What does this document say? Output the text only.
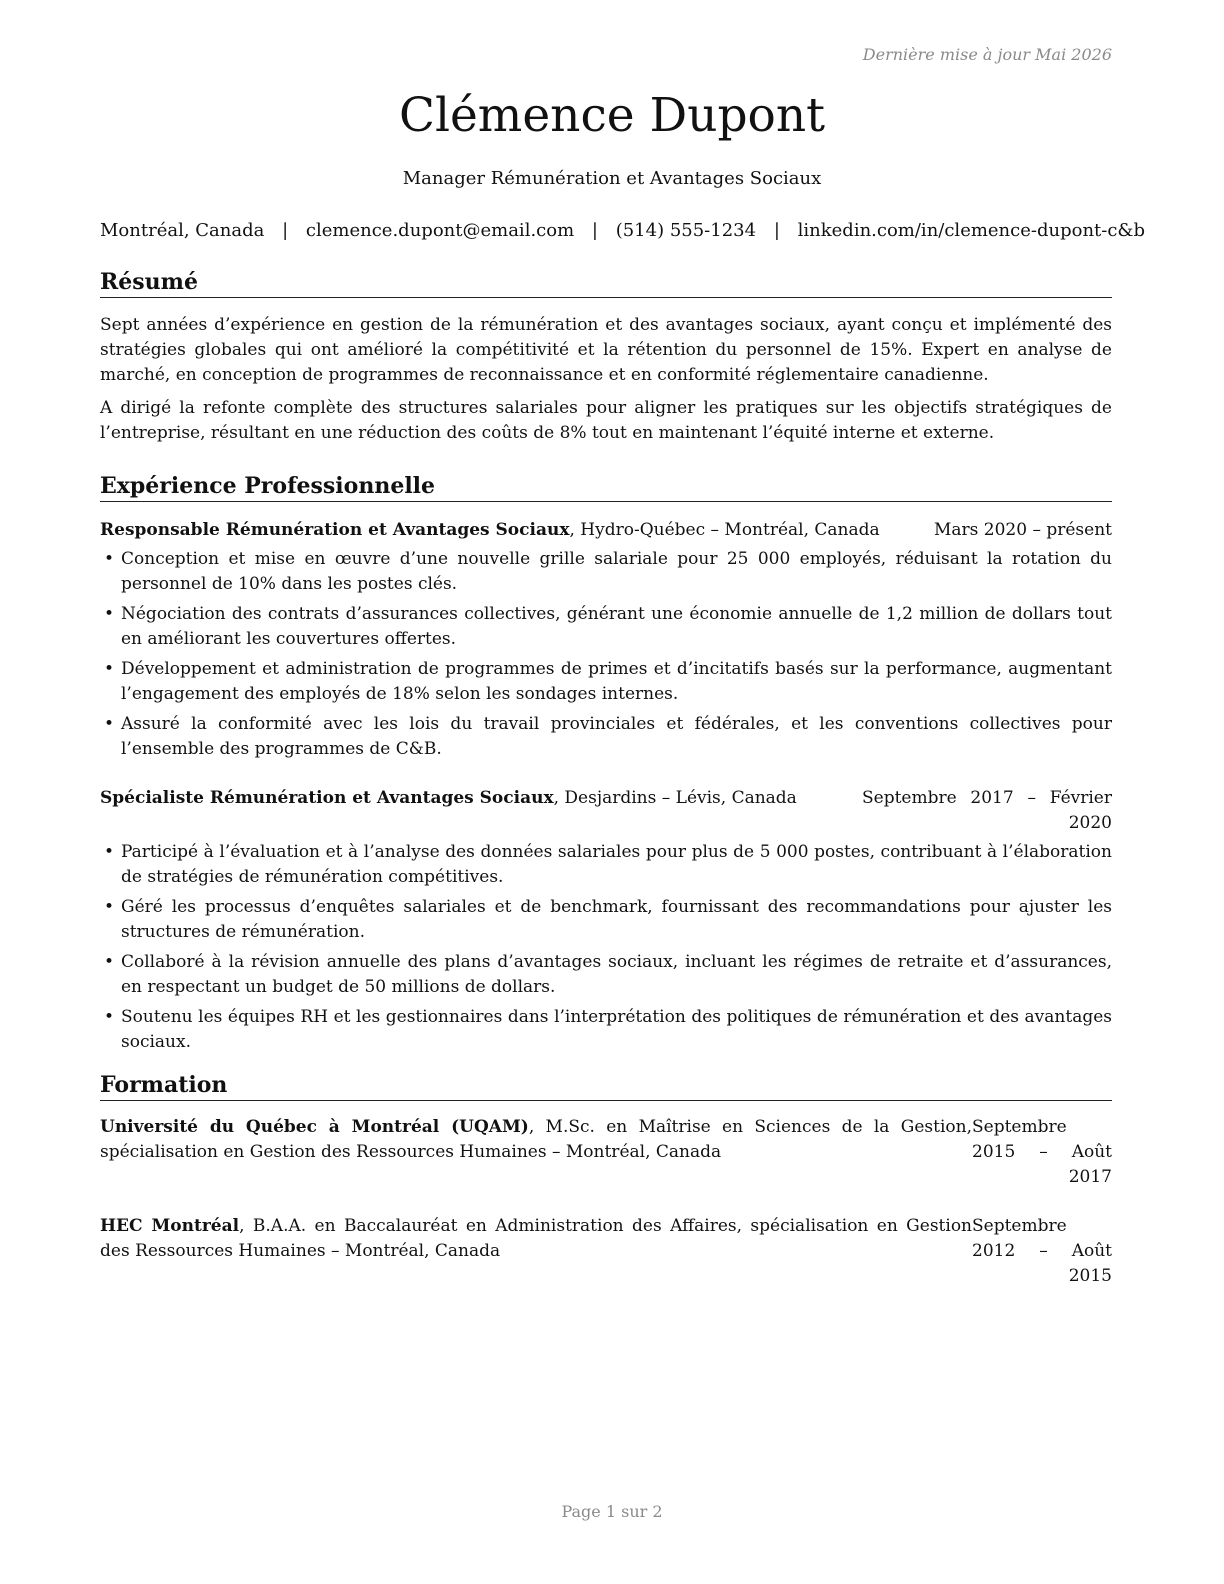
Dernière mise à jour Mai 2026
Clémence Dupont
Manager Rémunération et Avantages Sociaux
Montréal, Canada | clemence.dupont@email.com | (514) 555-1234 | linkedin.com/in/clemence-dupont-c&b
Résumé

Sept années d’expérience en gestion de la rémunération et des avantages sociaux, ayant conçu et implémenté des stratégies globales qui ont amélioré la compétitivité et la rétention du personnel de 15%. Expert en analyse de marché, en conception de programmes de reconnaissance et en conformité réglementaire canadienne.

A dirigé la refonte complète des structures salariales pour aligner les pratiques sur les objectifs stratégiques de l’entreprise, résultant en une réduction des coûts de 8% tout en maintenant l’équité interne et externe.

Expérience Professionnelle
Responsable Rémunération et Avantages Sociaux, Hydro-Québec – Montréal, Canada	Mars 2020 – présent
• Conception et mise en œuvre d’une nouvelle grille salariale pour 25 000 employés, réduisant la rotation du personnel de 10% dans les postes clés.
• Négociation des contrats d’assurances collectives, générant une économie annuelle de 1,2 million de dollars tout en améliorant les couvertures offertes.
• Développement et administration de programmes de primes et d’incitatifs basés sur la performance, augmentant l’engagement des employés de 18% selon les sondages internes.
• Assuré la conformité avec les lois du travail provinciales et fédérales, et les conventions collectives pour l’ensemble des programmes de C&B.
Spécialiste Rémunération et Avantages Sociaux, Desjardins – Lévis, Canada	Septembre 2017 – Février 2020
• Participé à l’évaluation et à l’analyse des données salariales pour plus de 5 000 postes, contribuant à l’élaboration de stratégies de rémunération compétitives.
• Géré les processus d’enquêtes salariales et de benchmark, fournissant des recommandations pour ajuster les structures de rémunération.
• Collaboré à la révision annuelle des plans d’avantages sociaux, incluant les régimes de retraite et d’assurances, en respectant un budget de 50 millions de dollars.
• Soutenu les équipes RH et les gestionnaires dans l’interprétation des politiques de rémunération et des avantages sociaux.
Formation
Université du Québec à Montréal (UQAM), M.Sc. en Maîtrise en Sciences de la Gestion, spécialisation en Gestion des Ressources Humaines – Montréal, Canada
Septembre 2015 – Août 2017
HEC Montréal, B.A.A. en Baccalauréat en Administration des Affaires, spécialisation en Gestion des Ressources Humaines – Montréal, Canada
Septembre 2012 – Août 2015
Page 1 sur 2
